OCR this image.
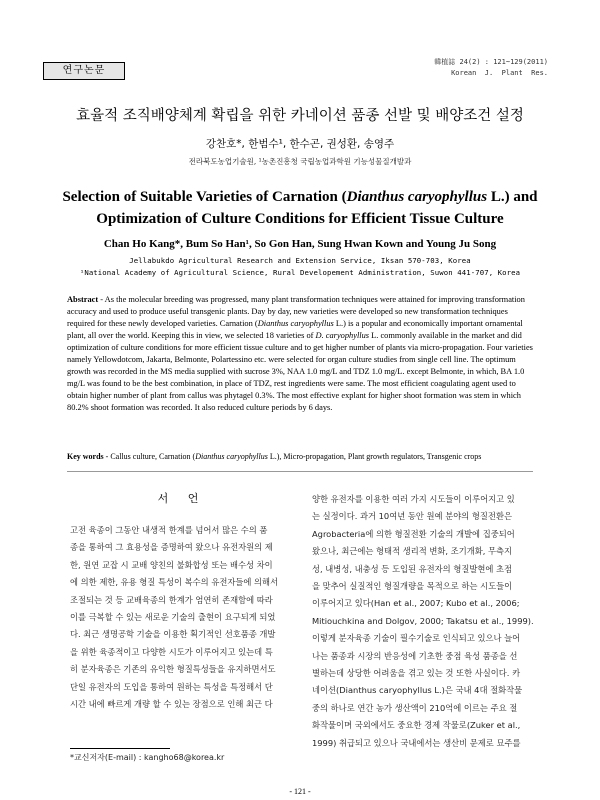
연구논문
韓植誌 24(2) : 121~129(2011)
Korean  J.  Plant  Res.
효율적 조직배양체계 확립을 위한 카네이션 품종 선발 및 배양조건 설정
강찬호*, 한범수¹, 한수곤, 권성환, 송영주
전라북도농업기술원, ¹농촌진흥청 국립농업과학원 기능성물질개발과
Selection of Suitable Varieties of Carnation (Dianthus caryophyllus L.) and Optimization of Culture Conditions for Efficient Tissue Culture
Chan Ho Kang*, Bum So Han¹, So Gon Han, Sung Hwan Kown and Young Ju Song
Jellabukdo Agricultural Research and Extension Service, Iksan 570-703, Korea
¹National Academy of Agricultural Science, Rural Developement Administration, Suwon 441-707, Korea
Abstract - As the molecular breeding was progressed, many plant transformation techniques were attained for improving transformation accuracy and used to produce useful transgenic plants. Day by day, new varieties were developed so new transformation techniques required for these newly developed varieties. Carnation (Dianthus caryophyllus L.) is a popular and economically important ornamental plant, all over the world. Keeping this in view, we selected 18 varieties of D. caryophyllus L. commonly available in the market and did optimization of culture conditions for more efficient tissue culture and to get higher number of plants via micro-propagation. Four varieties namely Yellowdotcom, Jakarta, Belmonte, Polartessino etc. were selected for organ culture studies from single cell line. The optimum growth was recorded in the MS media supplied with sucrose 3%, NAA 1.0 mg/L and TDZ 1.0 mg/L. except Belmonte, in which, BA 1.0 mg/L was found to be the best combination, in place of TDZ, rest ingredients were same. The most efficient coagulating agent used to obtain higher number of plant from callus was phytagel 0.3%. The most effective explant for higher shoot formation was stem in which 80.2% shoot formation was recorded. It also reduced culture periods by 6 days.
Key words - Callus culture, Carnation (Dianthus caryophyllus L.), Micro-propagation, Plant growth regulators, Transgenic crops
서 언
고전 육종이 그동안 내생적 한계를 넘어서 많은 수의 품
종을 통하여 그 효용성을 증명하여 왔으나 유전자원의 제
한, 원연 교잡 시 교배 양친의 불화합성 또는 배수성 차이
에 의한 제한, 유용 형질 특성이 복수의 유전자들에 의해서
조절되는 것 등 교배육종의 한계가 엄연히 존재함에 따라
이를 극복할 수 있는 새로운 기술의 출현이 요구되게 되었
다. 최근 생명공학 기술을 이용한 획기적인 선호품종 개발
을 위한 육종적이고 다양한 시도가 이루어지고 있는데 특
히 분자육종은 기존의 유익한 형질특성들을 유지하면서도
단일 유전자의 도입을 통하여 원하는 특성을 특정해서 단
시간 내에 빠르게 개량 할 수 있는 장점으로 인해 최근 다
양한 유전자를 이용한 여러 가지 시도들이 이루어지고 있
는 실정이다. 과거 10여년 동안 원예 분야의 형질전환은
Agrobacteria에 의한 형질전환 기술의 개발에 집중되어
왔으나, 최근에는 형태적 생리적 변화, 조기개화, 무측지
성, 내병성, 내충성 등 도입된 유전자의 형질발현에 초점
을 맞추어 실질적인 형질개량을 목적으로 하는 시도들이
이루어지고 있다(Han et al., 2007; Kubo et al., 2006;
Mitiouchkina and Dolgov, 2000; Takatsu et al., 1999).
이렇게 분자육종 기술이 필수기술로 인식되고 있으나 늘어
나는 품종과 시장의 반응성에 기초한 중점 육성 품종을 선
별하는데 상당한 어려움을 겪고 있는 것 또한 사실이다. 카
네이션(Dianthus caryophyllus L.)은 국내 4대 절화작물
중의 하나로 연간 농가 생산액이 210억에 이르는 주요 절
화작물이며 국외에서도 중요한 경제 작물로(Zuker et al.,
1999) 취급되고 있으나 국내에서는 생산비 문제로 묘주를
*교신저자(E-mail) : kangho68@korea.kr
- 121 -
